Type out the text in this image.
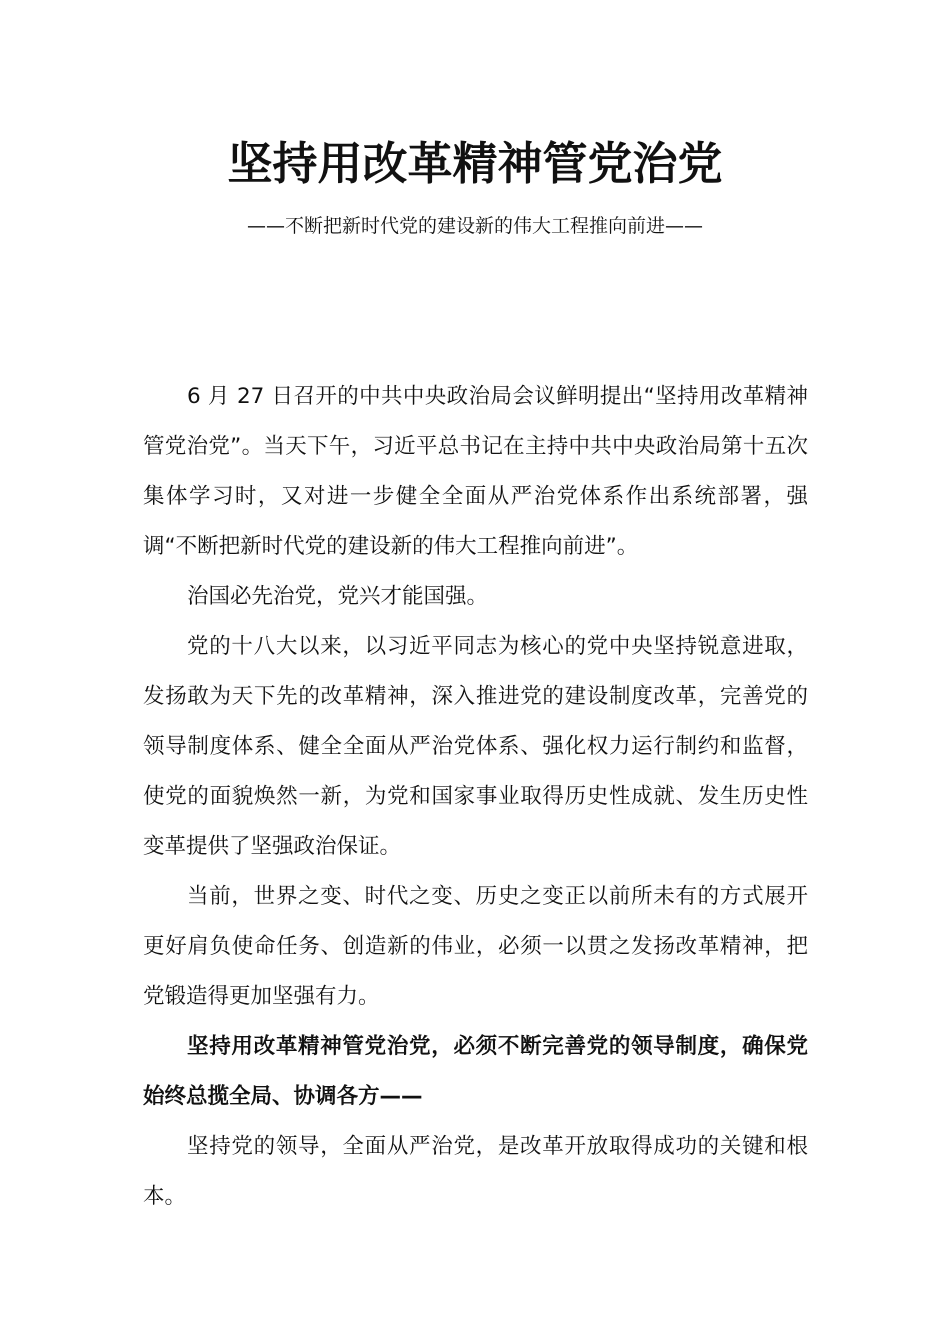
坚持用改革精神管党治党

——不断把新时代党的建设新的伟大工程推向前进——

6 月 27 日召开的中共中央政治局会议鲜明提出“坚持用改革精神管党治党”。当天下午，习近平总书记在主持中共中央政治局第十五次集体学习时，又对进一步健全全面从严治党体系作出系统部署，强调“不断把新时代党的建设新的伟大工程推向前进”。

治国必先治党，党兴才能国强。

党的十八大以来，以习近平同志为核心的党中央坚持锐意进取，发扬敢为天下先的改革精神，深入推进党的建设制度改革，完善党的领导制度体系、健全全面从严治党体系、强化权力运行制约和监督，使党的面貌焕然一新，为党和国家事业取得历史性成就、发生历史性变革提供了坚强政治保证。

当前，世界之变、时代之变、历史之变正以前所未有的方式展开更好肩负使命任务、创造新的伟业，必须一以贯之发扬改革精神，把党锻造得更加坚强有力。

坚持用改革精神管党治党，必须不断完善党的领导制度，确保党始终总揽全局、协调各方——

坚持党的领导，全面从严治党，是改革开放取得成功的关键和根本。
